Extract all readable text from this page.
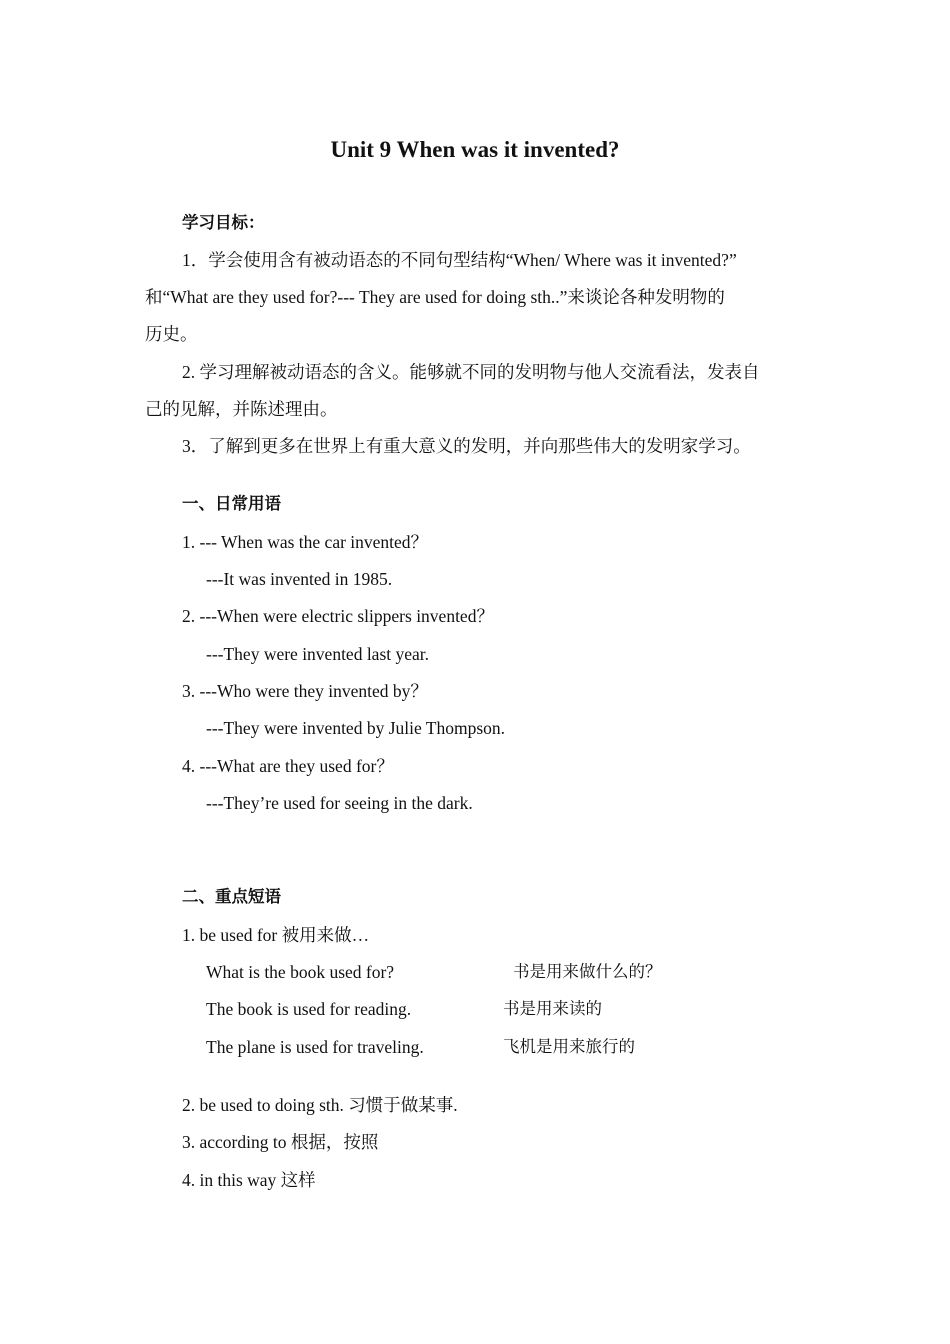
Unit 9 When was it invented?
学习目标：
1．学会使用含有被动语态的不同句型结构“When/ Where was it invented?”
和“What are they used for?--- They are used for doing sth..”来谈论各种发明物的
历史。
2. 学习理解被动语态的含义。能够就不同的发明物与他人交流看法，发表自
己的见解，并陈述理由。
3．了解到更多在世界上有重大意义的发明，并向那些伟大的发明家学习。
一、日常用语
1. --- When was the car invented？
---It was invented in 1985.
2. ---When were electric slippers invented？
---They were invented last year.
3. ---Who were they invented by？
---They were invented by Julie Thompson.
4. ---What are they used for？
---They’re used for seeing in the dark.
二、重点短语
1. be used for 被用来做…
What is the book used for?	书是用来做什么的？
The book is used for reading.	书是用来读的
The plane is used for traveling.	飞机是用来旅行的
2. be used to doing sth. 习惯于做某事.
3. according to 根据，按照
4. in this way 这样
